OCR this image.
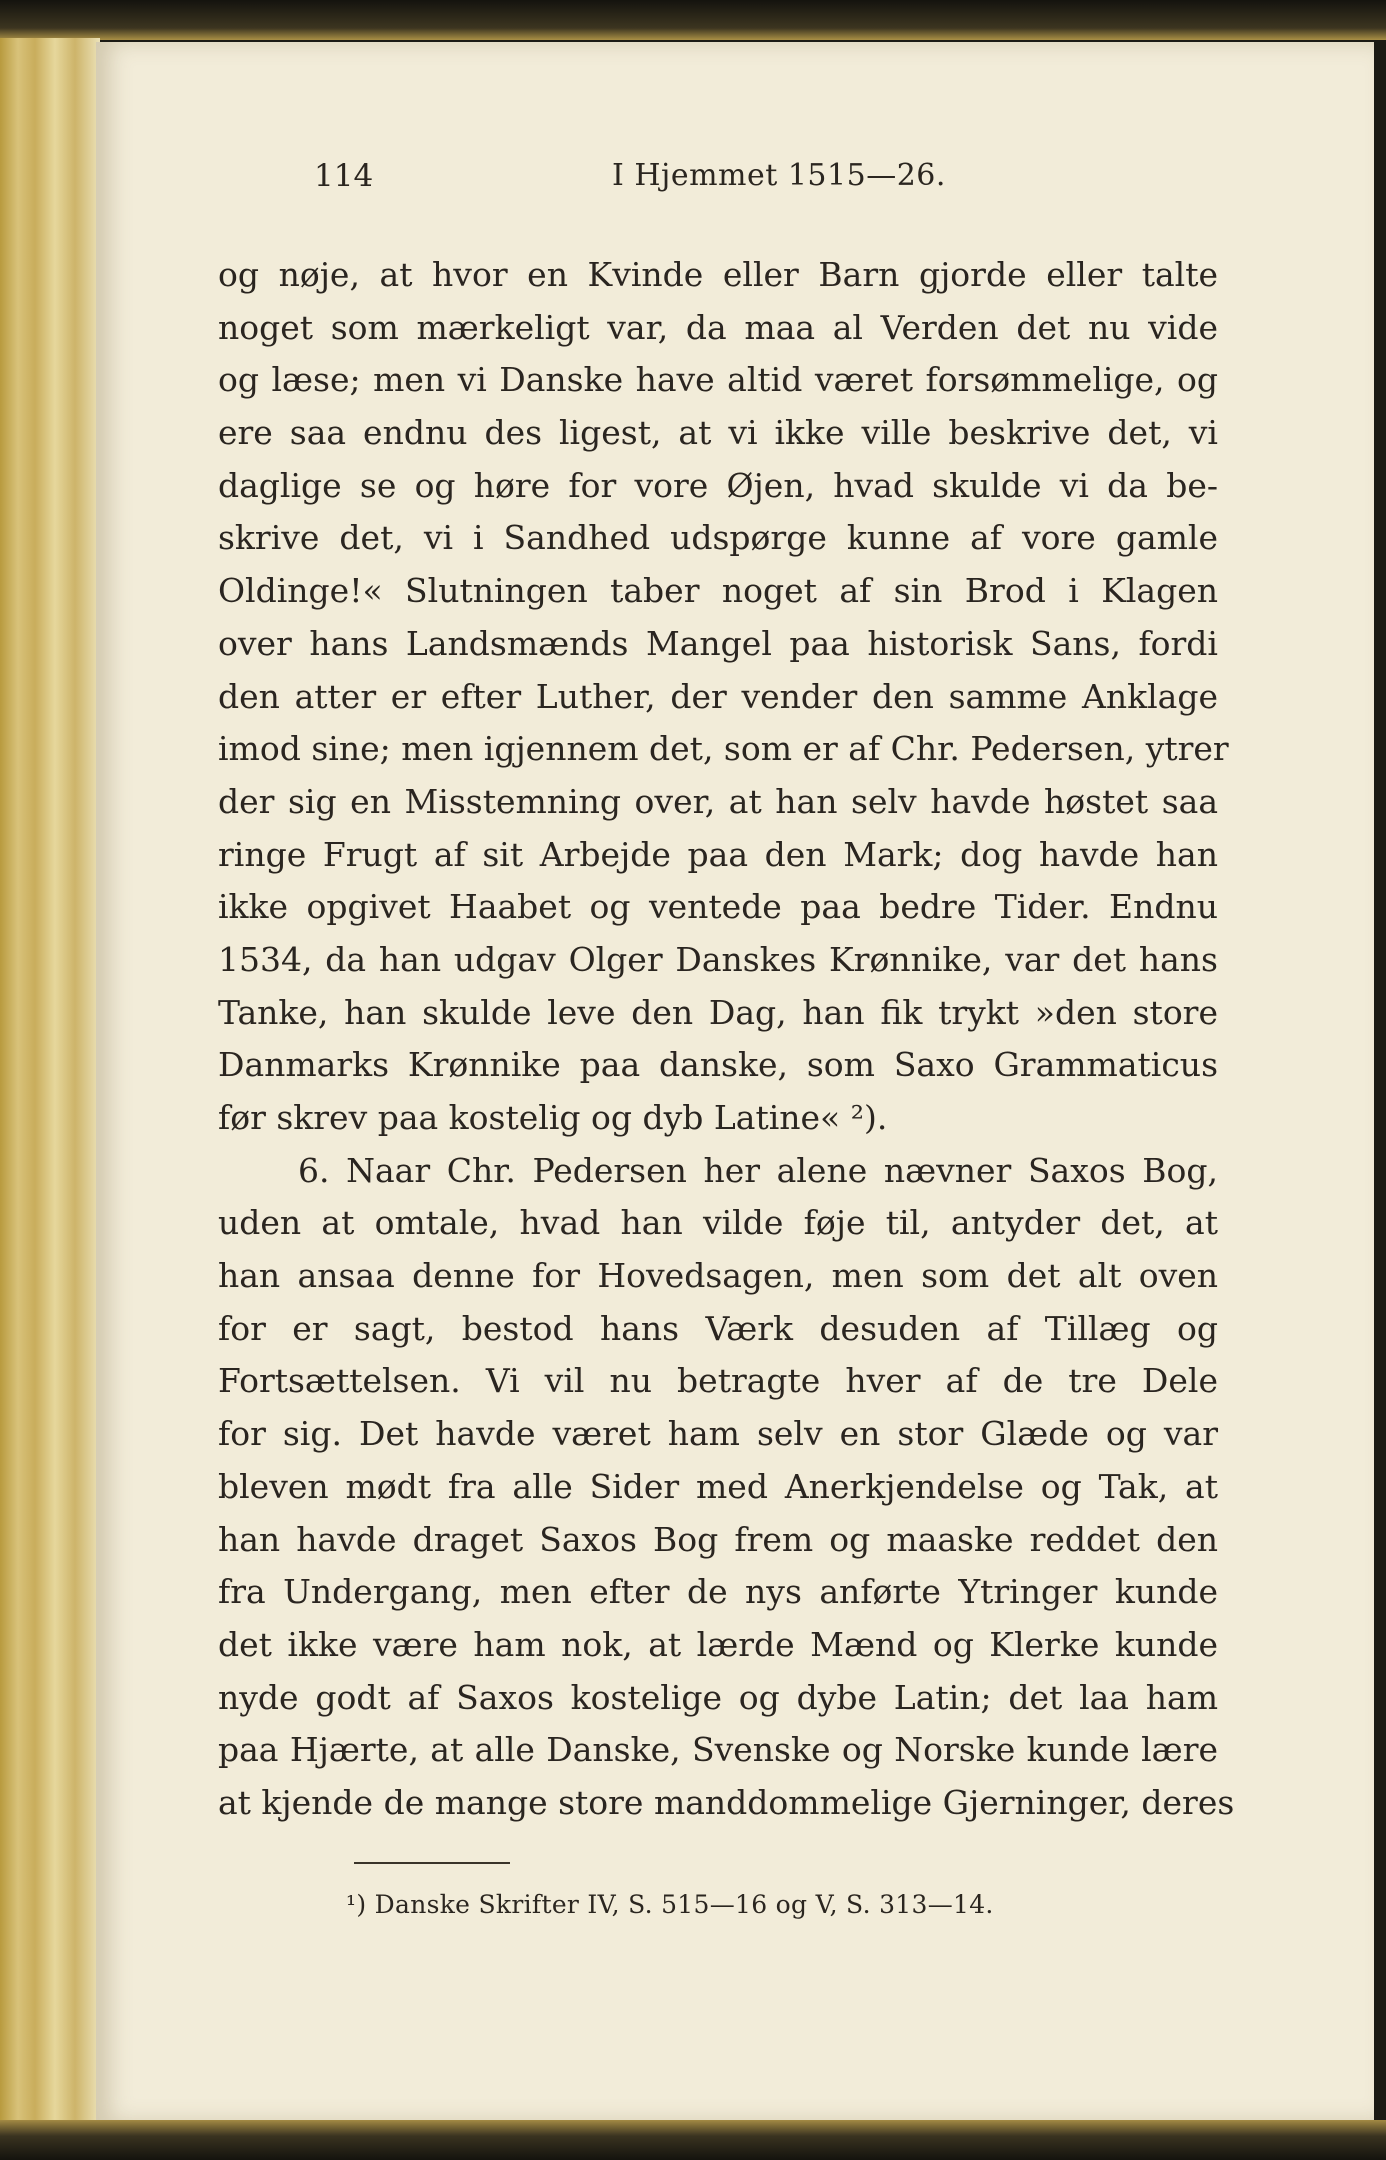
114	I Hjemmet 1515—26.
og nøje, at hvor en Kvinde eller Barn gjorde eller talte
noget som mærkeligt var, da maa al Verden det nu vide
og læse; men vi Danske have altid været forsømmelige, og
ere saa endnu des ligest, at vi ikke ville beskrive det, vi
daglige se og høre for vore Øjen, hvad skulde vi da be-
skrive det, vi i Sandhed udspørge kunne af vore gamle
Oldinge!« Slutningen taber noget af sin Brod i Klagen
over hans Landsmænds Mangel paa historisk Sans, fordi
den atter er efter Luther, der vender den samme Anklage
imod sine; men igjennem det, som er af Chr. Pedersen, ytrer
der sig en Misstemning over, at han selv havde høstet saa
ringe Frugt af sit Arbejde paa den Mark; dog havde han
ikke opgivet Haabet og ventede paa bedre Tider. Endnu
1534, da han udgav Olger Danskes Krønnike, var det hans
Tanke, han skulde leve den Dag, han fik trykt »den store
Danmarks Krønnike paa danske, som Saxo Grammaticus
før skrev paa kostelig og dyb Latine« ²).
6. Naar Chr. Pedersen her alene nævner Saxos Bog,
uden at omtale, hvad han vilde føje til, antyder det, at
han ansaa denne for Hovedsagen, men som det alt oven
for er sagt, bestod hans Værk desuden af Tillæg og
Fortsættelsen. Vi vil nu betragte hver af de tre Dele
for sig. Det havde været ham selv en stor Glæde og var
bleven mødt fra alle Sider med Anerkjendelse og Tak, at
han havde draget Saxos Bog frem og maaske reddet den
fra Undergang, men efter de nys anførte Ytringer kunde
det ikke være ham nok, at lærde Mænd og Klerke kunde
nyde godt af Saxos kostelige og dybe Latin; det laa ham
paa Hjærte, at alle Danske, Svenske og Norske kunde lære
at kjende de mange store manddommelige Gjerninger, deres
¹) Danske Skrifter IV, S. 515—16 og V, S. 313—14.
